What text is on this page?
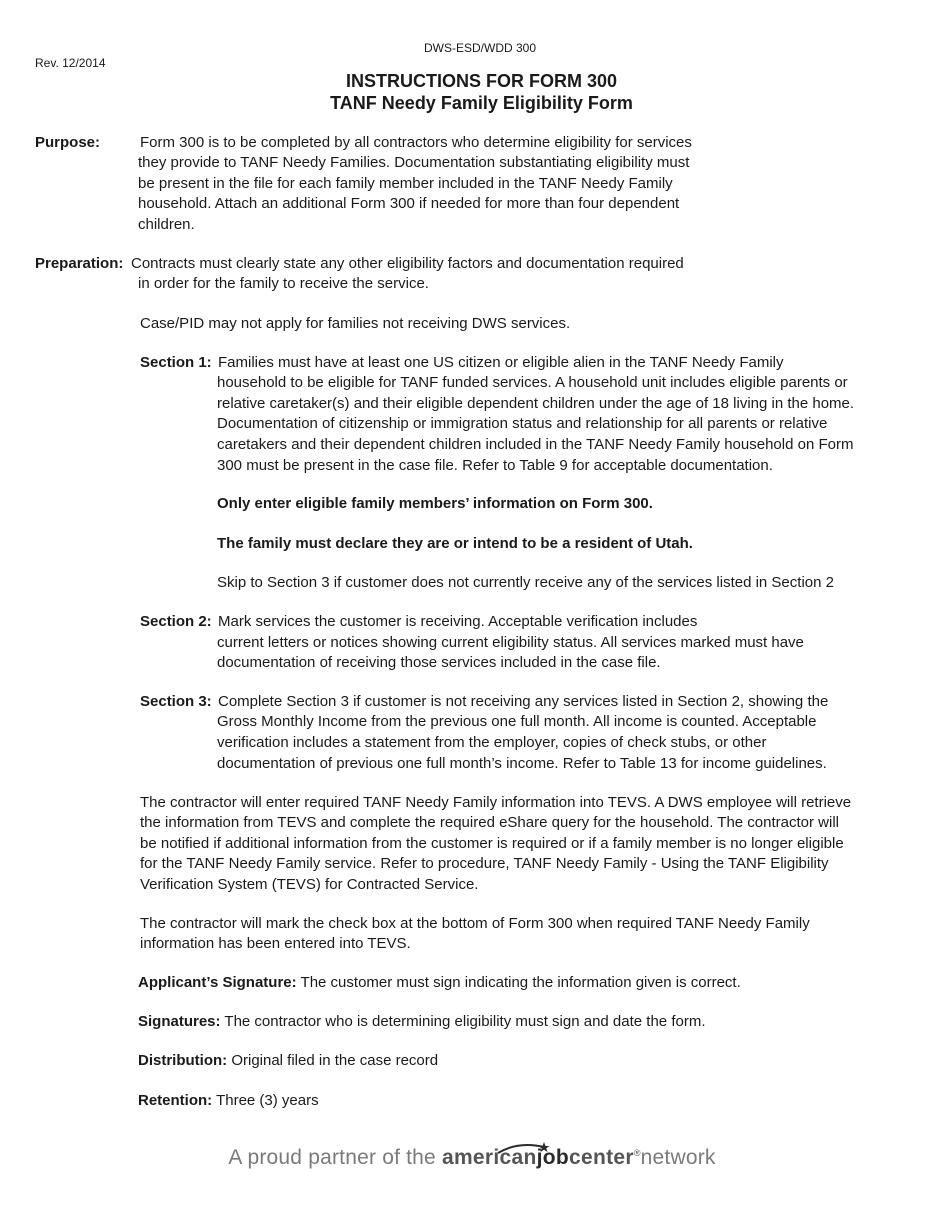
DWS-ESD/WDD 300
Rev. 12/2014
INSTRUCTIONS FOR FORM 300
TANF Needy Family Eligibility Form
Purpose:	Form 300 is to be completed by all contractors who determine eligibility for services
they provide to TANF Needy Families. Documentation substantiating eligibility must
be present in the file for each family member included in the TANF Needy Family
household. Attach an additional Form 300 if needed for more than four dependent
children.
Preparation: Contracts must clearly state any other eligibility factors and documentation required
in order for the family to receive the service.
Case/PID may not apply for families not receiving DWS services.
Section 1: Families must have at least one US citizen or eligible alien in the TANF Needy Family
household to be eligible for TANF funded services. A household unit includes eligible parents or
relative caretaker(s) and their eligible dependent children under the age of 18 living in the home.
Documentation of citizenship or immigration status and relationship for all parents or relative
caretakers and their dependent children included in the TANF Needy Family household on Form
300 must be present in the case file. Refer to Table 9 for acceptable documentation.
Only enter eligible family members’ information on Form 300.
The family must declare they are or intend to be a resident of Utah.
Skip to Section 3 if customer does not currently receive any of the services listed in Section 2
Section 2: Mark services the customer is receiving. Acceptable verification includes
current letters or notices showing current eligibility status. All services marked must have
documentation of receiving those services included in the case file.
Section 3: Complete Section 3 if customer is not receiving any services listed in Section 2, showing the
Gross Monthly Income from the previous one full month. All income is counted. Acceptable
verification includes a statement from the employer, copies of check stubs, or other
documentation of previous one full month’s income. Refer to Table 13 for income guidelines.
The contractor will enter required TANF Needy Family information into TEVS. A DWS employee will retrieve
the information from TEVS and complete the required eShare query for the household. The contractor will
be notified if additional information from the customer is required or if a family member is no longer eligible
for the TANF Needy Family service. Refer to procedure, TANF Needy Family - Using the TANF Eligibility
Verification System (TEVS) for Contracted Service.
The contractor will mark the check box at the bottom of Form 300 when required TANF Needy Family
information has been entered into TEVS.
Applicant’s Signature: The customer must sign indicating the information given is correct.
Signatures: The contractor who is determining eligibility must sign and date the form.
Distribution: Original filed in the case record
Retention: Three (3) years
A proud partner of the americanjobcenter®network
